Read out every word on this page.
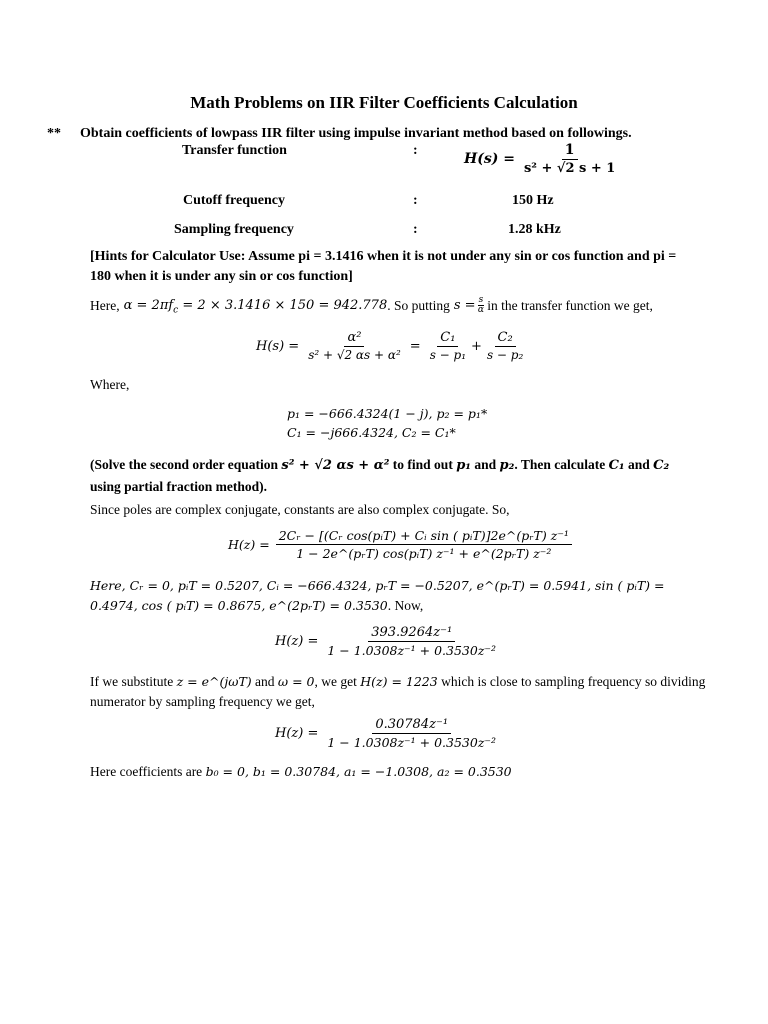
Math Problems on IIR Filter Coefficients Calculation
** Obtain coefficients of lowpass IIR filter using impulse invariant method based on followings.
Transfer function	:
$H(s) = \frac{1}{\text{s² + √2 s + 1}}$
Cutoff frequency	:	150 Hz
Sampling frequency	:	1.28 kHz
[Hints for Calculator Use: Assume pi = 3.1416 when it is not under any sin or cos function and pi = 180 when it is under any sin or cos function]
Here, $\alpha = 2\pi f_c = 2 \times 3.1416 \times 150 = 942.778$ . So putting $s = \frac{s}{\alpha}$ in the transfer function we get,
$H(s) = \frac{\text{α²}}{\text{s² + √2 αs + α²}} = \frac{\text{C₁}}{\text{s − p₁}} + \frac{\text{C₂}}{\text{s − p₂}}$
Where,
p₁ = −666.4324(1 − j), p₂ = p₁*
C₁ = −j666.4324, C₂ = C₁*
(Solve the second order equation s² + √2 αs + α² to find out p₁ and p₂. Then calculate C₁ and C₂ using partial fraction method).
Since poles are complex conjugate, constants are also complex conjugate. So,
$H(z) = \frac{\text{2Cᵣ − [(Cᵣ cos(pᵢT) + Cᵢ sin ( pᵢT)]2e\textasciicircum{}(pᵣT) z⁻¹}}{\text{1 − 2e\textasciicircum{}(pᵣT) cos(pᵢT) z⁻¹ + e\textasciicircum{}(2pᵣT) z⁻²}}$
Here, Cᵣ = 0, pᵢT = 0.5207, Cᵢ = −666.4324, pᵣT = −0.5207, e^(pᵣT) = 0.5941, sin ( pᵢT) =
0.4974, cos ( pᵢT) = 0.8675, e^(2pᵣT) = 0.3530. Now,
$H(z) = \frac{\text{393.9264z⁻¹}}{\text{1 − 1.0308z⁻¹ + 0.3530z⁻²}}$
If we substitute z = e^(jωT) and ω = 0, we get H(z) = 1223 which is close to sampling frequency so dividing
numerator by sampling frequency we get,
$H(z) = \frac{\text{0.30784z⁻¹}}{\text{1 − 1.0308z⁻¹ + 0.3530z⁻²}}$
Here coefficients are b₀ = 0, b₁ = 0.30784, a₁ = −1.0308, a₂ = 0.3530
